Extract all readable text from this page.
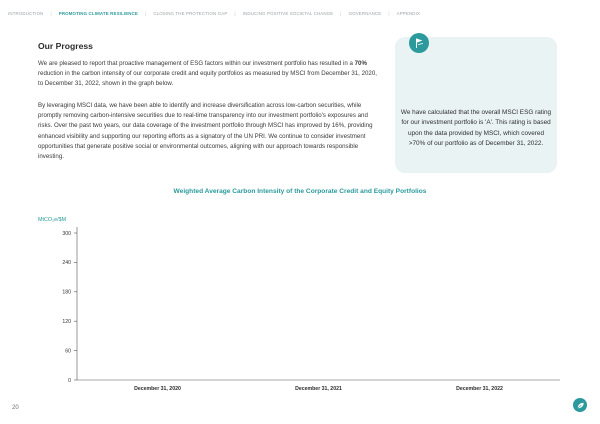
INTRODUCTION | PROMOTING CLIMATE RESILIENCE | CLOSING THE PROTECTION GAP | INDUCING POSITIVE SOCIETAL CHANGE | GOVERNANCE | APPENDIX
Our Progress

We are pleased to report that proactive management of ESG factors within our investment portfolio has resulted in a 70% reduction in the carbon intensity of our corporate credit and equity portfolios as measured by MSCI from December 31, 2020, to December 31, 2022, shown in the graph below.

By leveraging MSCI data, we have been able to identify and increase diversification across low-carbon securities, while promptly removing carbon-intensive securities due to real-time transparency into our investment portfolio's exposures and risks. Over the past two years, our data coverage of the investment portfolio through MSCI has improved by 16%, providing enhanced visibility and supporting our reporting efforts as a signatory of the UN PRI. We continue to consider investment opportunities that generate positive social or environmental outcomes, aligning with our approach towards responsible investing.

We have calculated that the overall MSCI ESG rating for our investment portfolio is 'A'. This rating is based upon the data provided by MSCI, which covered >70% of our portfolio as of December 31, 2022.

Weighted Average Carbon Intensity of the Corporate Credit and Equity Portfolios
MtCO₂e/$M
0
60
120
180
240
300
December 31, 2020	December 31, 2021	December 31, 2022
20
